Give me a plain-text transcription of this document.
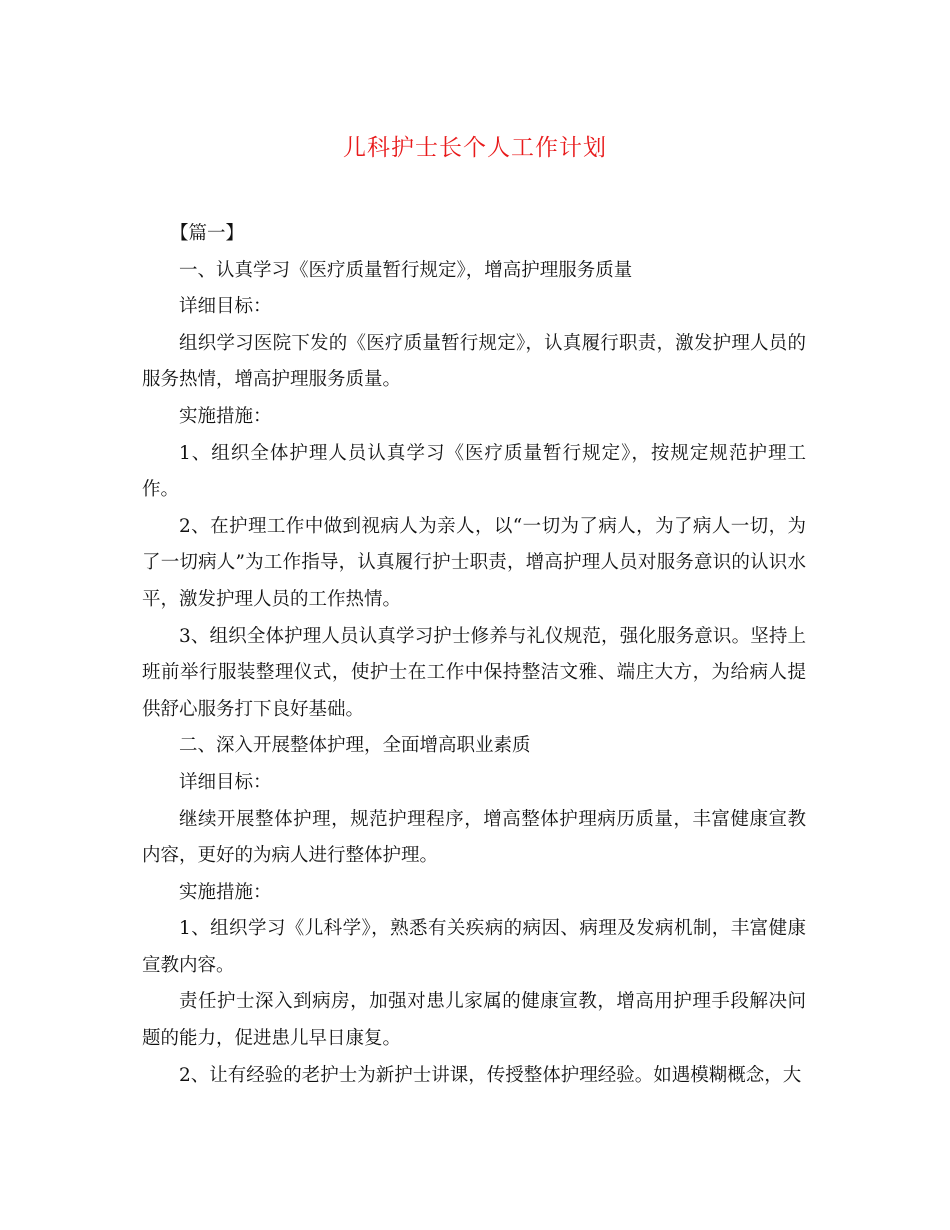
儿科护士长个人工作计划

【篇一】

一、认真学习《医疗质量暂行规定》，增高护理服务质量

详细目标：

组织学习医院下发的《医疗质量暂行规定》，认真履行职责，激发护理人员的服务热情，增高护理服务质量。

实施措施：

1、组织全体护理人员认真学习《医疗质量暂行规定》，按规定规范护理工作。

2、在护理工作中做到视病人为亲人，以“一切为了病人，为了病人一切，为了一切病人”为工作指导，认真履行护士职责，增高护理人员对服务意识的认识水平，激发护理人员的工作热情。

3、组织全体护理人员认真学习护士修养与礼仪规范，强化服务意识。坚持上班前举行服装整理仪式，使护士在工作中保持整洁文雅、端庄大方，为给病人提供舒心服务打下良好基础。

二、深入开展整体护理，全面增高职业素质

详细目标：

继续开展整体护理，规范护理程序，增高整体护理病历质量，丰富健康宣教内容，更好的为病人进行整体护理。

实施措施：

1、组织学习《儿科学》，熟悉有关疾病的病因、病理及发病机制，丰富健康宣教内容。

责任护士深入到病房，加强对患儿家属的健康宣教，增高用护理手段解决问题的能力，促进患儿早日康复。

2、让有经验的老护士为新护士讲课，传授整体护理经验。如遇模糊概念，大
